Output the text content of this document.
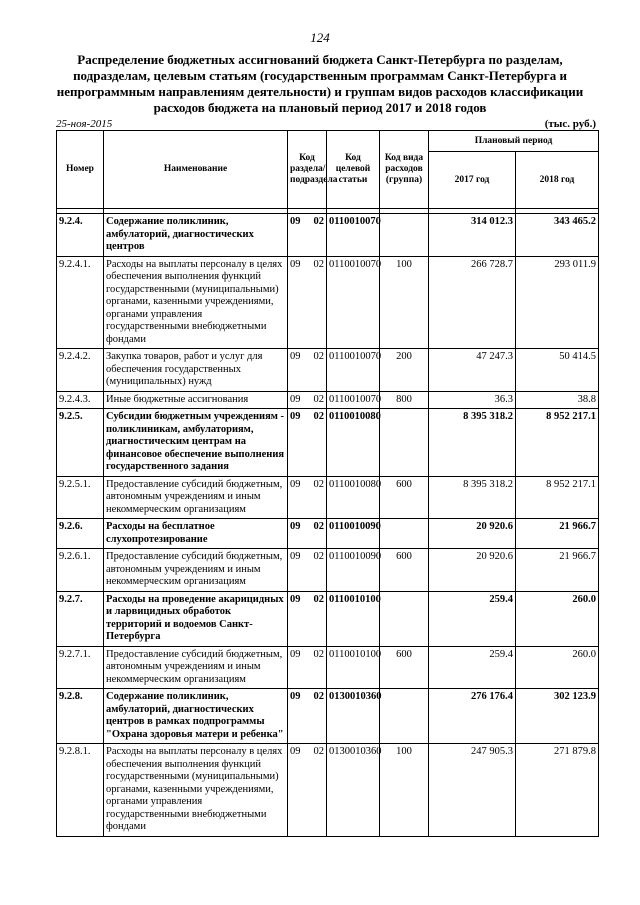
124
Распределение бюджетных ассигнований бюджета Санкт-Петербурга по разделам, подразделам, целевым статьям (государственным программам Санкт-Петербурга и непрограммным направлениям деятельности) и группам видов расходов классификации расходов бюджета на плановый период 2017 и 2018 годов
25-ноя-2015	(тыс. руб.)
Номер	Наименование	Код раздела/подраздела	Код целевой статьи	Код вида расходов (группа)	Плановый период	
					2017 год	2018 год

9.2.4.	Содержание поликлиник, амбулаторий, диагностических центров	09 02	0110010070		314 012.3	343 465.2
9.2.4.1.	Расходы на выплаты персоналу в целях обеспечения выполнения функций государственными (муниципальными) органами, казенными учреждениями, органами управления государственными внебюджетными фондами	09 02	0110010070	100	266 728.7	293 011.9
9.2.4.2.	Закупка товаров, работ и услуг для обеспечения государственных (муниципальных) нужд	09 02	0110010070	200	47 247.3	50 414.5
9.2.4.3.	Иные бюджетные ассигнования	09 02	0110010070	800	36.3	38.8
9.2.5.	Субсидии бюджетным учреждениям - поликлиникам, амбулаториям, диагностическим центрам на финансовое обеспечение выполнения государственного задания	09 02	0110010080		8 395 318.2	8 952 217.1
9.2.5.1.	Предоставление субсидий бюджетным, автономным учреждениям и иным некоммерческим организациям	09 02	0110010080	600	8 395 318.2	8 952 217.1
9.2.6.	Расходы на бесплатное слухопротезирование	09 02	0110010090		20 920.6	21 966.7
9.2.6.1.	Предоставление субсидий бюджетным, автономным учреждениям и иным некоммерческим организациям	09 02	0110010090	600	20 920.6	21 966.7
9.2.7.	Расходы на проведение акарицидных и ларвицидных обработок территорий и водоемов Санкт-Петербурга	09 02	0110010100		259.4	260.0
9.2.7.1.	Предоставление субсидий бюджетным, автономным учреждениям и иным некоммерческим организациям	09 02	0110010100	600	259.4	260.0
9.2.8.	Содержание поликлиник, амбулаторий, диагностических центров в рамках подпрограммы "Охрана здоровья матери и ребенка"	09 02	0130010360		276 176.4	302 123.9
9.2.8.1.	Расходы на выплаты персоналу в целях обеспечения выполнения функций государственными (муниципальными) органами, казенными учреждениями, органами управления государственными внебюджетными фондами	09 02	0130010360	100	247 905.3	271 879.8
